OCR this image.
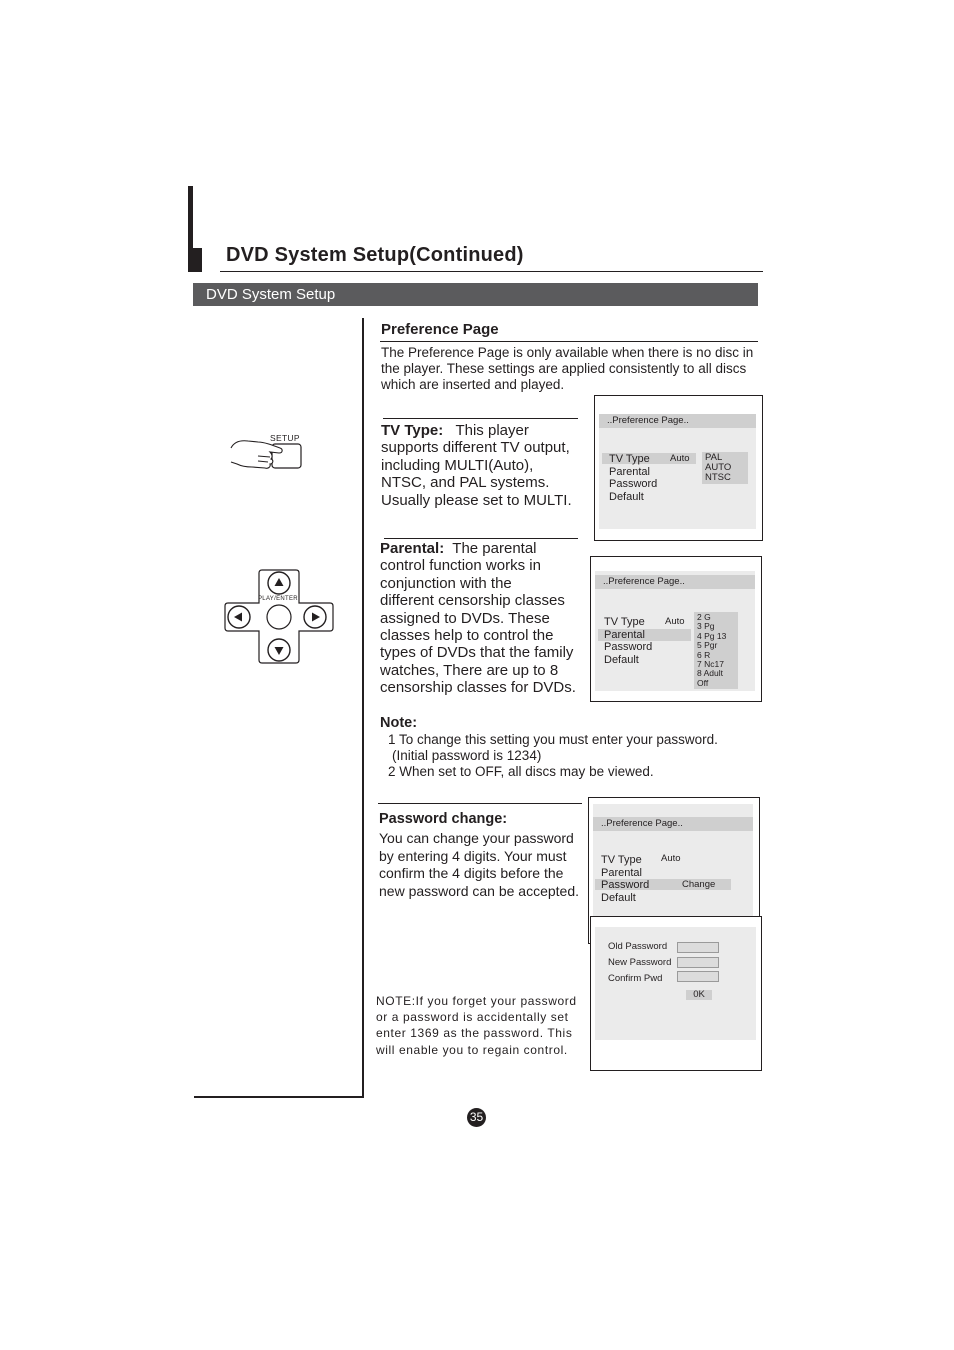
DVD System Setup(Continued)
DVD System Setup
SETUP
PLAY/ENTER
Preference Page
The Preference Page is only available when there is no disc in the player. These settings are applied consistently to all discs which are inserted and played.
TV Type: This player
supports different TV output,
including MULTI(Auto),
NTSC, and PAL systems.
Usually please set to MULTI.
..Preference Page..
TV Type
Parental
Password
Default
Auto PAL
AUTO
NTSC
Parental: The parental
control function works in
conjunction with the
different censorship classes
assigned to DVDs. These
classes help to control the
types of DVDs that the family
watches, There are up to 8
censorship classes for DVDs.
..Preference Page..
TV Type
Parental
Password
Default
Auto 2 G
3 Pg
4 Pg 13
5 Pgr
6 R
7 Nc17
8 Adult
Off
Note:
1 To change this setting you must enter your password.
(Initial password is 1234)
2 When set to OFF, all discs may be viewed.
Password change:
You can change your password
by entering 4 digits. Your must
confirm the 4 digits before the
new password can be accepted.
..Preference Page..
TV Type
Parental
Password
Default
Auto
Change
Old Password
New Password
Confirm Pwd
0K
NOTE:If you forget your password
or a password is accidentally set
enter 1369 as the password. This
will enable you to regain control.
35
